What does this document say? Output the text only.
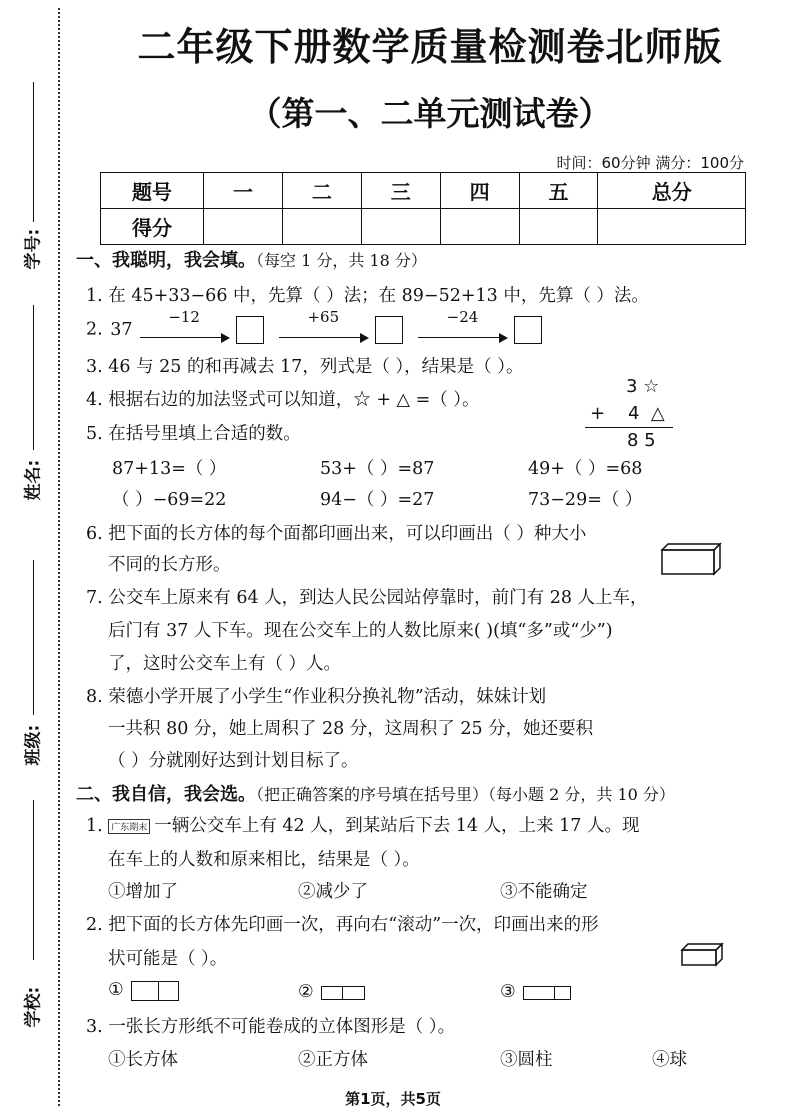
学号:
姓名:
班级:
学校:
二年级下册数学质量检测卷北师版
（第一、二单元测试卷）
时间：60分钟 满分：100分
题号	一	二	三	四	五	总分
得分						
一、我聪明，我会填。（每空 1 分，共 18 分）
1. 在 45+33−66 中，先算（ ）法；在 89−52+13 中，先算（ ）法。
2. 37
−12
	+65
	−24

3. 46 与 25 的和再减去 17，列式是（ ），结果是（ ）。
4. 根据右边的加法竖式可以知道，☆ + △ =（ ）。
3 ☆
+    4  △
8 5
5. 在括号里填上合适的数。
87+13=（ ）	53+（ ）=87	49+（ ）=68
（ ）−69=22	94−（ ）=27	73−29=（ ）
6. 把下面的长方体的每个面都印画出来，可以印画出（ ）种大小
不同的长方形。
7. 公交车上原来有 64 人，到达人民公园站停靠时，前门有 28 人上车，
后门有 37 人下车。现在公交车上的人数比原来( )(填“多”或“少”)
了，这时公交车上有（ ）人。
8. 荣德小学开展了小学生“作业积分换礼物”活动，妹妹计划
一共积 80 分，她上周积了 28 分，这周积了 25 分，她还要积
（ ）分就刚好达到计划目标了。
二、我自信，我会选。（把正确答案的序号填在括号里）（每小题 2 分，共 10 分）
1. 广东期末 一辆公交车上有 42 人，到某站后下去 14 人，上来 17 人。现
在车上的人数和原来相比，结果是（ ）。
①增加了	②减少了	③不能确定
2. 把下面的长方体先印画一次，再向右“滚动”一次，印画出来的形
状可能是（ ）。
①	②	③
3. 一张长方形纸不可能卷成的立体图形是（ ）。
①长方体	②正方体	③圆柱	④球
第1页，共5页
